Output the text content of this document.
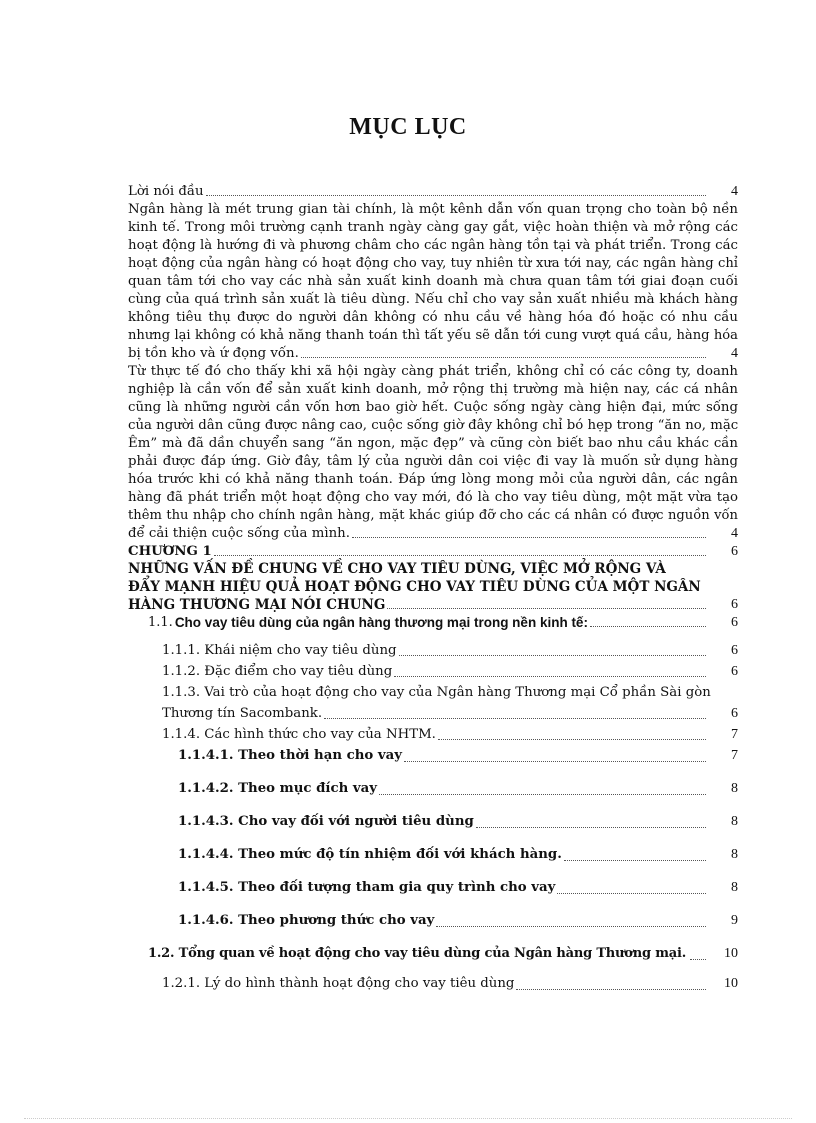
MỤC LỤC
Lời nói đầu	4
Ngân hàng là mét trung gian tài chính, là một kênh dẫn vốn quan trọng cho toàn bộ nền
kinh tế. Trong môi trường cạnh tranh ngày càng gay gắt, việc hoàn thiện và mở rộng các
hoạt động là hướng đi và phương châm cho các ngân hàng tồn tại và phát triển. Trong các
hoạt động của ngân hàng có hoạt động cho vay, tuy nhiên từ xưa tới nay, các ngân hàng chỉ
quan tâm tới cho vay các nhà sản xuất kinh doanh mà chưa quan tâm tới giai đoạn cuối
cùng của quá trình sản xuất là tiêu dùng. Nếu chỉ cho vay sản xuất nhiều mà khách hàng
không tiêu thụ được do người dân không có nhu cầu về hàng hóa đó hoặc có nhu cầu
nhưng lại không có khả năng thanh toán thì tất yếu sẽ dẫn tới cung vượt quá cầu, hàng hóa
bị tồn kho và ứ đọng vốn.	4
Từ thực tế đó cho thấy khi xã hội ngày càng phát triển, không chỉ có các công ty, doanh
nghiệp là cần vốn để sản xuất kinh doanh, mở rộng thị trường mà hiện nay, các cá nhân
cũng là những người cần vốn hơn bao giờ hết. Cuộc sống ngày càng hiện đại, mức sống
của người dân cũng được nâng cao, cuộc sống giờ đây không chỉ bó hẹp trong “ăn no, mặc
Êm” mà đã dần chuyển sang “ăn ngon, mặc đẹp” và cũng còn biết bao nhu cầu khác cần
phải được đáp ứng. Giờ đây, tâm lý của người dân coi việc đi vay là muốn sử dụng hàng
hóa trước khi có khả năng thanh toán. Đáp ứng lòng mong mỏi của người dân, các ngân
hàng đã phát triển một hoạt động cho vay mới, đó là cho vay tiêu dùng, một mặt vừa tạo
thêm thu nhập cho chính ngân hàng, mặt khác giúp đỡ cho các cá nhân có được nguồn vốn
để cải thiện cuộc sống của mình.	4
CHƯƠNG 1	6
NHỮNG VẤN ĐỀ CHUNG VỀ CHO VAY TIÊU DÙNG, VIỆC MỞ RỘNG VÀ
ĐẨY MẠNH HIỆU QUẢ HOẠT ĐỘNG CHO VAY TIÊU DÙNG CỦA MỘT NGÂN
HÀNG THƯƠNG MẠI NÓI CHUNG	6
1.1. Cho vay tiêu dùng của ngân hàng thương mại trong nền kinh tế:	6
1.1.1. Khái niệm cho vay tiêu dùng	6
1.1.2. Đặc điểm cho vay tiêu dùng	6
1.1.3. Vai trò của hoạt động cho vay của Ngân hàng Thương mại Cổ phần Sài gòn
Thương tín Sacombank.	6
1.1.4. Các hình thức cho vay của NHTM.	7
1.1.4.1. Theo thời hạn cho vay	7
1.1.4.2. Theo mục đích vay	8
1.1.4.3. Cho vay đối với người tiêu dùng	8
1.1.4.4. Theo mức độ tín nhiệm đối với khách hàng.	8
1.1.4.5. Theo đối tượng tham gia quy trình cho vay	8
1.1.4.6. Theo phương thức cho vay	9
1.2. Tổng quan về hoạt động cho vay tiêu dùng của Ngân hàng Thương mại.	10
1.2.1. Lý do hình thành hoạt động cho vay tiêu dùng	10
